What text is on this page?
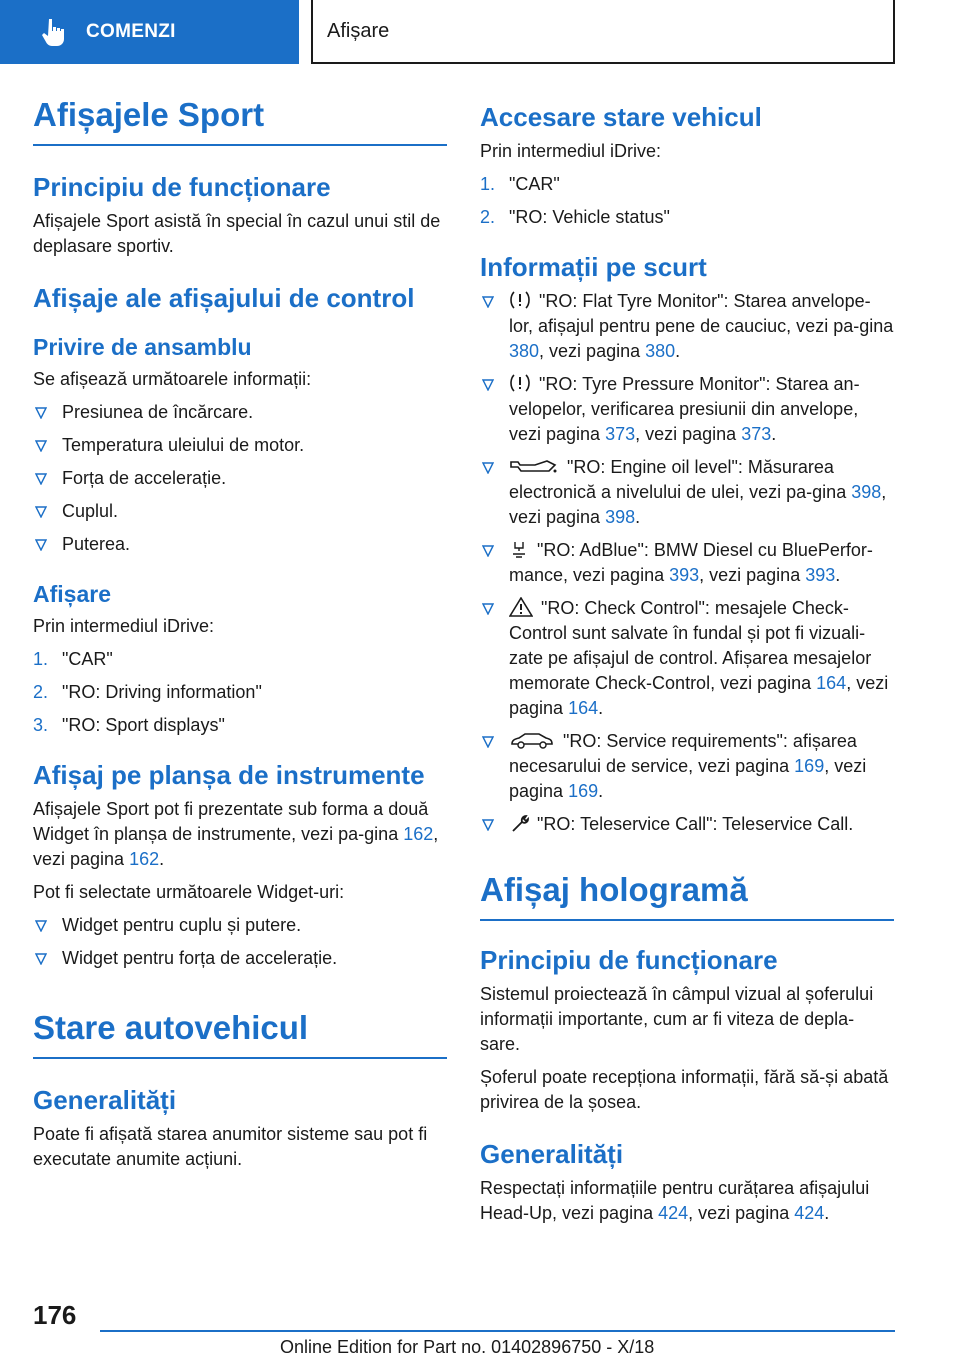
COMENZI	Afișare
Afișajele Sport
Principiu de funcționare

Afișajele Sport asistă în special în cazul unui stil de deplasare sportiv.

Afișaje ale afișajului de control
Privire de ansamblu

Se afișează următoarele informații:

Presiunea de încărcare.
Temperatura uleiului de motor.
Forța de accelerație.
Cuplul.
Puterea.
Afișare

Prin intermediul iDrive:

1. "CAR"
2. "RO: Driving information"
3. "RO: Sport displays"
Afișaj pe planșa de instrumente

Afișajele Sport pot fi prezentate sub forma a două Widget în planșa de instrumente, vezi pa-gina 162, vezi pagina 162.

Pot fi selectate următoarele Widget-uri:

Widget pentru cuplu și putere.
Widget pentru forța de accelerație.
Stare autovehicul
Generalități

Poate fi afișată starea anumitor sisteme sau pot fi executate anumite acțiuni.

Accesare stare vehicul

Prin intermediul iDrive:

1. "CAR"
2. "RO: Vehicle status"
Informații pe scurt
"RO: Flat Tyre Monitor": Starea anvelope-lor, afișajul pentru pene de cauciuc, vezi pa-gina 380, vezi pagina 380.
"RO: Tyre Pressure Monitor": Starea an-velopelor, verificarea presiunii din anvelope, vezi pagina 373, vezi pagina 373.
"RO: Engine oil level": Măsurarea electronică a nivelului de ulei, vezi pa-gina 398, vezi pagina 398.
"RO: AdBlue": BMW Diesel cu BluePerfor-mance, vezi pagina 393, vezi pagina 393.
"RO: Check Control": mesajele Check-Control sunt salvate în fundal și pot fi vizuali-zate pe afișajul de control. Afișarea mesajelor memorate Check-Control, vezi pagina 164, vezi pagina 164.
"RO: Service requirements": afișarea necesarului de service, vezi pagina 169, vezi pagina 169.
"RO: Teleservice Call": Teleservice Call.
Afișaj hologramă
Principiu de funcționare

Sistemul proiectează în câmpul vizual al șoferului informații importante, cum ar fi viteza de depla-sare.

Șoferul poate recepționa informații, fără să-și abată privirea de la șosea.

Generalități

Respectați informațiile pentru curățarea afișajului Head-Up, vezi pagina 424, vezi pagina 424.

176
Online Edition for Part no. 01402896750 - X/18
